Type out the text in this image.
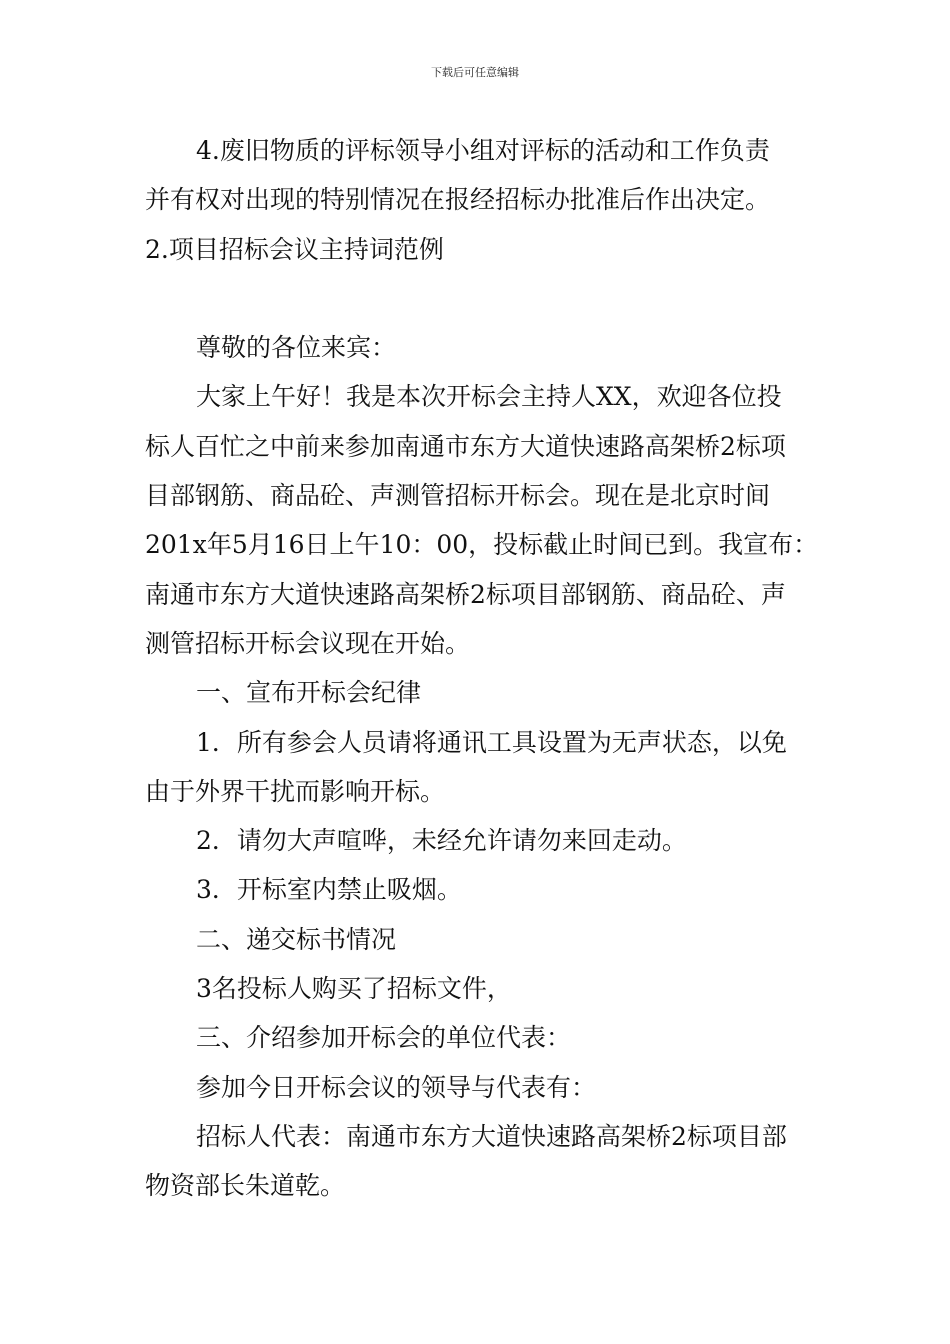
下载后可任意编辑
4.废旧物质的评标领导小组对评标的活动和工作负责
并有权对出现的特别情况在报经招标办批准后作出决定。
2.项目招标会议主持词范例
尊敬的各位来宾：
大家上午好！我是本次开标会主持人XX，欢迎各位投
标人百忙之中前来参加南通市东方大道快速路高架桥2标项
目部钢筋、商品砼、声测管招标开标会。现在是北京时间
201x年5月16日上午10：00，投标截止时间已到。我宣布：
南通市东方大道快速路高架桥2标项目部钢筋、商品砼、声
测管招标开标会议现在开始。
一、宣布开标会纪律
1．所有参会人员请将通讯工具设置为无声状态，以免
由于外界干扰而影响开标。
2．请勿大声喧哗，未经允许请勿来回走动。
3．开标室内禁止吸烟。
二、递交标书情况
3名投标人购买了招标文件，
三、介绍参加开标会的单位代表：
参加今日开标会议的领导与代表有：
招标人代表：南通市东方大道快速路高架桥2标项目部
物资部长朱道乾。
